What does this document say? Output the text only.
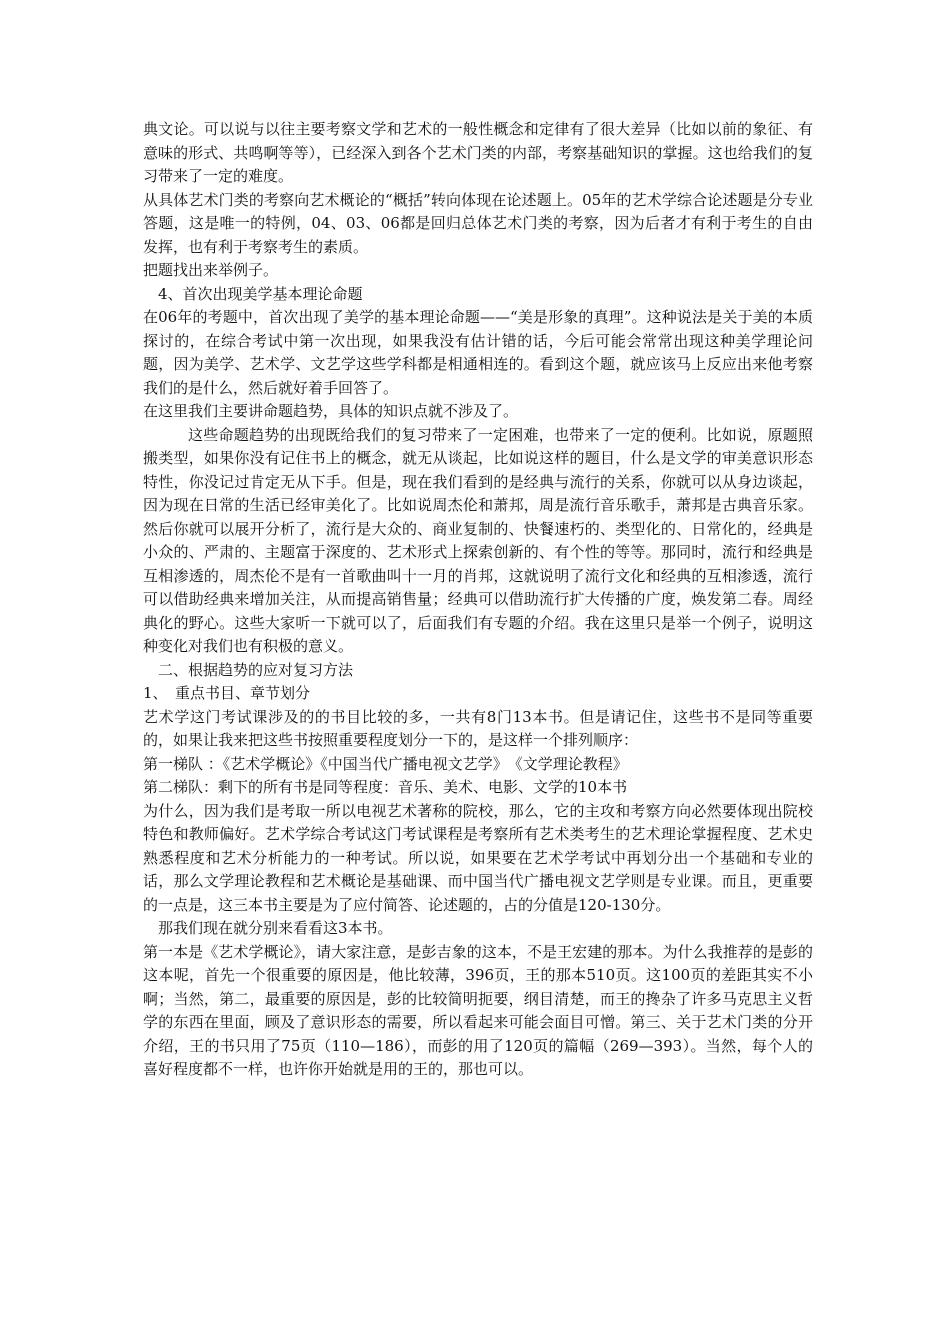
典文论。可以说与以往主要考察文学和艺术的一般性概念和定律有了很大差异（比如以前的象征、有意味的形式、共鸣啊等等），已经深入到各个艺术门类的内部，考察基础知识的掌握。这也给我们的复习带来了一定的难度。

从具体艺术门类的考察向艺术概论的“概括”转向体现在论述题上。05年的艺术学综合论述题是分专业答题，这是唯一的特例，04、03、06都是回归总体艺术门类的考察，因为后者才有利于考生的自由发挥，也有利于考察考生的素质。

把题找出来举例子。

4、首次出现美学基本理论命题

在06年的考题中，首次出现了美学的基本理论命题——“美是形象的真理”。这种说法是关于美的本质探讨的，在综合考试中第一次出现，如果我没有估计错的话，今后可能会常常出现这种美学理论问题，因为美学、艺术学、文艺学这些学科都是相通相连的。看到这个题，就应该马上反应出来他考察我们的是什么，然后就好着手回答了。

在这里我们主要讲命题趋势，具体的知识点就不涉及了。

这些命题趋势的出现既给我们的复习带来了一定困难，也带来了一定的便利。比如说，原题照搬类型，如果你没有记住书上的概念，就无从谈起，比如说这样的题目，什么是文学的审美意识形态特性，你没记过肯定无从下手。但是，现在我们看到的是经典与流行的关系，你就可以从身边谈起，因为现在日常的生活已经审美化了。比如说周杰伦和萧邦，周是流行音乐歌手，萧邦是古典音乐家。然后你就可以展开分析了，流行是大众的、商业复制的、快餐速朽的、类型化的、日常化的，经典是小众的、严肃的、主题富于深度的、艺术形式上探索创新的、有个性的等等。那同时，流行和经典是互相渗透的，周杰伦不是有一首歌曲叫十一月的肖邦，这就说明了流行文化和经典的互相渗透，流行可以借助经典来增加关注，从而提高销售量；经典可以借助流行扩大传播的广度，焕发第二春。周经典化的野心。这些大家听一下就可以了，后面我们有专题的介绍。我在这里只是举一个例子，说明这种变化对我们也有积极的意义。

二、根据趋势的应对复习方法

1、　重点书目、章节划分

艺术学这门考试课涉及的的书目比较的多，一共有8门13本书。但是请记住，这些书不是同等重要的，如果让我来把这些书按照重要程度划分一下的，是这样一个排列顺序：

第一梯队 ：《艺术学概论》《中国当代广播电视文艺学》　《文学理论教程》

第二梯队：剩下的所有书是同等程度：音乐、美术、电影、文学的10本书

为什么，因为我们是考取一所以电视艺术著称的院校，那么，它的主攻和考察方向必然要体现出院校特色和教师偏好。艺术学综合考试这门考试课程是考察所有艺术类考生的艺术理论掌握程度、艺术史熟悉程度和艺术分析能力的一种考试。所以说，如果要在艺术学考试中再划分出一个基础和专业的话，那么文学理论教程和艺术概论是基础课、而中国当代广播电视文艺学则是专业课。而且，更重要的一点是，这三本书主要是为了应付简答、论述题的，占的分值是120-130分。

那我们现在就分别来看看这3本书。

第一本是《艺术学概论》，请大家注意，是彭吉象的这本，不是王宏建的那本。为什么我推荐的是彭的这本呢，首先一个很重要的原因是，他比较薄，396页，王的那本510页。这100页的差距其实不小啊；当然，第二，最重要的原因是，彭的比较简明扼要，纲目清楚，而王的搀杂了许多马克思主义哲学的东西在里面，顾及了意识形态的需要，所以看起来可能会面目可憎。第三、关于艺术门类的分开介绍，王的书只用了75页（110—186），而彭的用了120页的篇幅（269—393）。当然，每个人的喜好程度都不一样，也许你开始就是用的王的，那也可以。
